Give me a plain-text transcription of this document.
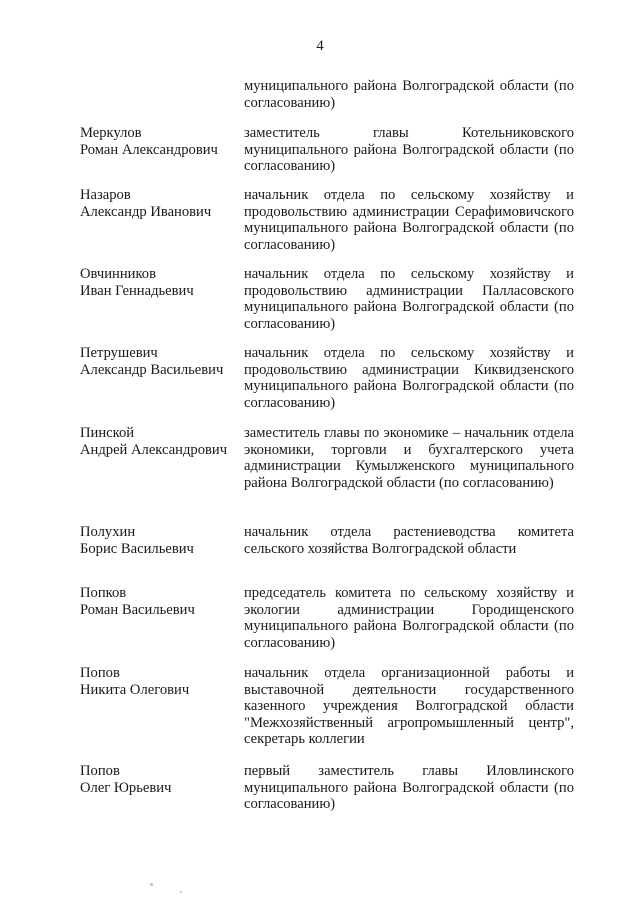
4
муниципального района Волгоградской области (по согласованию)
Меркулов
Роман Александрович
заместитель главы Котельниковского муниципального района Волгоградской области (по согласованию)
Назаров
Александр Иванович
начальник отдела по сельскому хозяйству и продовольствию администрации Серафимовичского муниципального района Волгоградской области (по согласованию)
Овчинников
Иван Геннадьевич
начальник отдела по сельскому хозяйству и продовольствию администрации Палласовского муниципального района Волгоградской области (по согласованию)
Петрушевич
Александр Васильевич
начальник отдела по сельскому хозяйству и продовольствию администрации Киквидзенского муниципального района Волгоградской области (по согласованию)
Пинской
Андрей Александрович
заместитель главы по экономике – начальник отдела экономики, торговли и бухгалтерского учета администрации Кумылженского муниципального района Волгоградской области (по согласованию)
Полухин
Борис Васильевич
начальник отдела растениеводства комитета сельского хозяйства Волгоградской области
Попков
Роман Васильевич
председатель комитета по сельскому хозяйству и экологии администрации Городищенского муниципального района Волгоградской области (по согласованию)
Попов
Никита Олегович
начальник отдела организационной работы и выставочной деятельности государственного казенного учреждения Волгоградской области "Межхозяйственный агропромышленный центр", секретарь коллегии
Попов
Олег Юрьевич
первый заместитель главы Иловлинского муниципального района Волгоградской области (по согласованию)
